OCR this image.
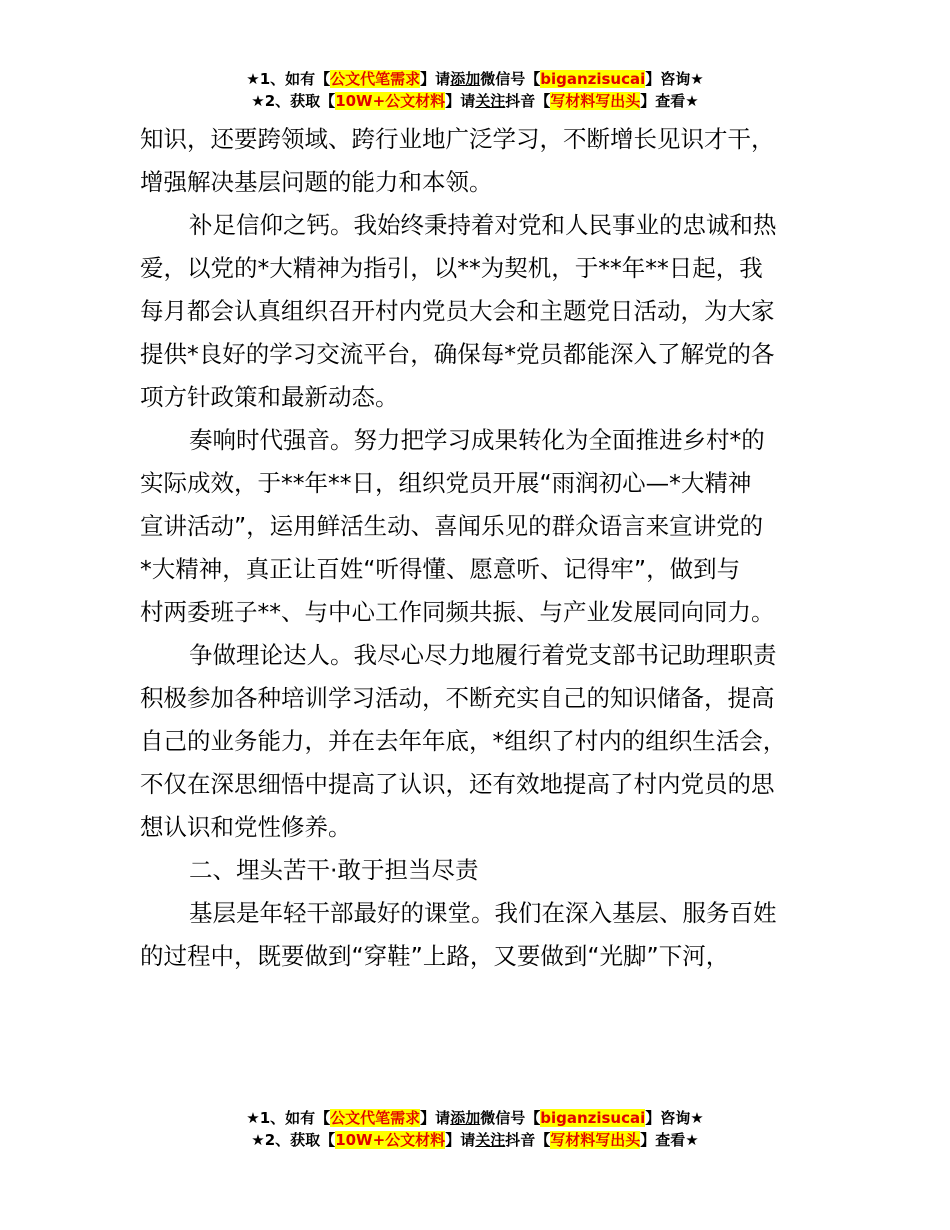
★1、如有【公文代笔需求】请添加微信号【biganzisucai】咨询★
★2、获取【10W+公文材料】请关注抖音【写材料写出头】查看★
知识，还要跨领域、跨行业地广泛学习，不断增长见识才干，
增强解决基层问题的能力和本领。
补足信仰之钙。我始终秉持着对党和人民事业的忠诚和热
爱，以党的*大精神为指引，以**为契机，于**年**日起，我
每月都会认真组织召开村内党员大会和主题党日活动，为大家
提供*良好的学习交流平台，确保每*党员都能深入了解党的各
项方针政策和最新动态。
奏响时代强音。努力把学习成果转化为全面推进乡村*的
实际成效，于**年**日，组织党员开展“雨润初心—*大精神
宣讲活动”，运用鲜活生动、喜闻乐见的群众语言来宣讲党的
*大精神，真正让百姓“听得懂、愿意听、记得牢”，做到与
村两委班子**、与中心工作同频共振、与产业发展同向同力。
争做理论达人。我尽心尽力地履行着党支部书记助理职责
积极参加各种培训学习活动，不断充实自己的知识储备，提高
自己的业务能力，并在去年年底，*组织了村内的组织生活会，
不仅在深思细悟中提高了认识，还有效地提高了村内党员的思
想认识和党性修养。
二、埋头苦干·敢于担当尽责
基层是年轻干部最好的课堂。我们在深入基层、服务百姓
的过程中，既要做到“穿鞋”上路，又要做到“光脚”下河，
★1、如有【公文代笔需求】请添加微信号【biganzisucai】咨询★
★2、获取【10W+公文材料】请关注抖音【写材料写出头】查看★
